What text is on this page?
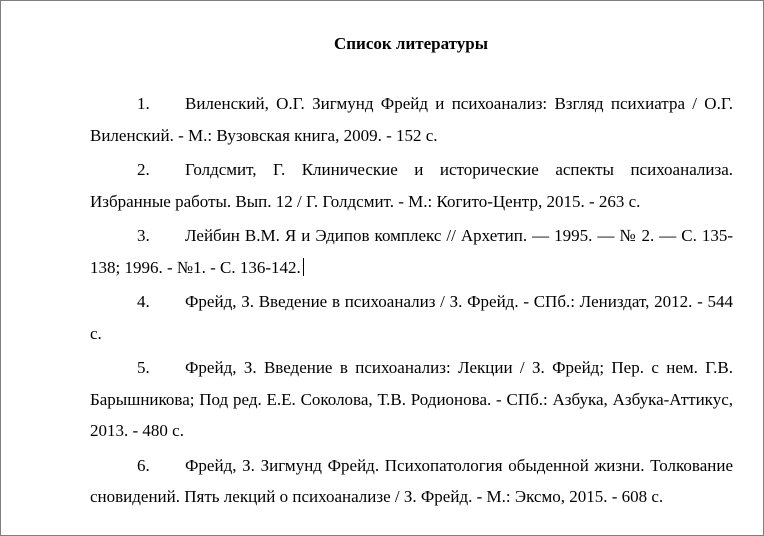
Список литературы
1. Виленский, О.Г. Зигмунд Фрейд и психоанализ: Взгляд психиатра / О.Г. Виленский. - М.: Вузовская книга, 2009. - 152 с.
2. Голдсмит, Г. Клинические и исторические аспекты психоанализа. Избранные работы. Вып. 12 / Г. Голдсмит. - М.: Когито-Центр, 2015. - 263 с.
3. Лейбин В.М. Я и Эдипов комплекс // Архетип. — 1995. — № 2. — С. 135-138; 1996. - №1. - С. 136-142.
4. Фрейд, З. Введение в психоанализ / З. Фрейд. - СПб.: Лениздат, 2012. - 544 с.
5. Фрейд, З. Введение в психоанализ: Лекции / З. Фрейд; Пер. с нем. Г.В. Барышникова; Под ред. Е.Е. Соколова, Т.В. Родионова. - СПб.: Азбука, Азбука-Аттикус, 2013. - 480 с.
6. Фрейд, З. Зигмунд Фрейд. Психопатология обыденной жизни. Толкование сновидений. Пять лекций о психоанализе / З. Фрейд. - М.: Эксмо, 2015. - 608 с.
